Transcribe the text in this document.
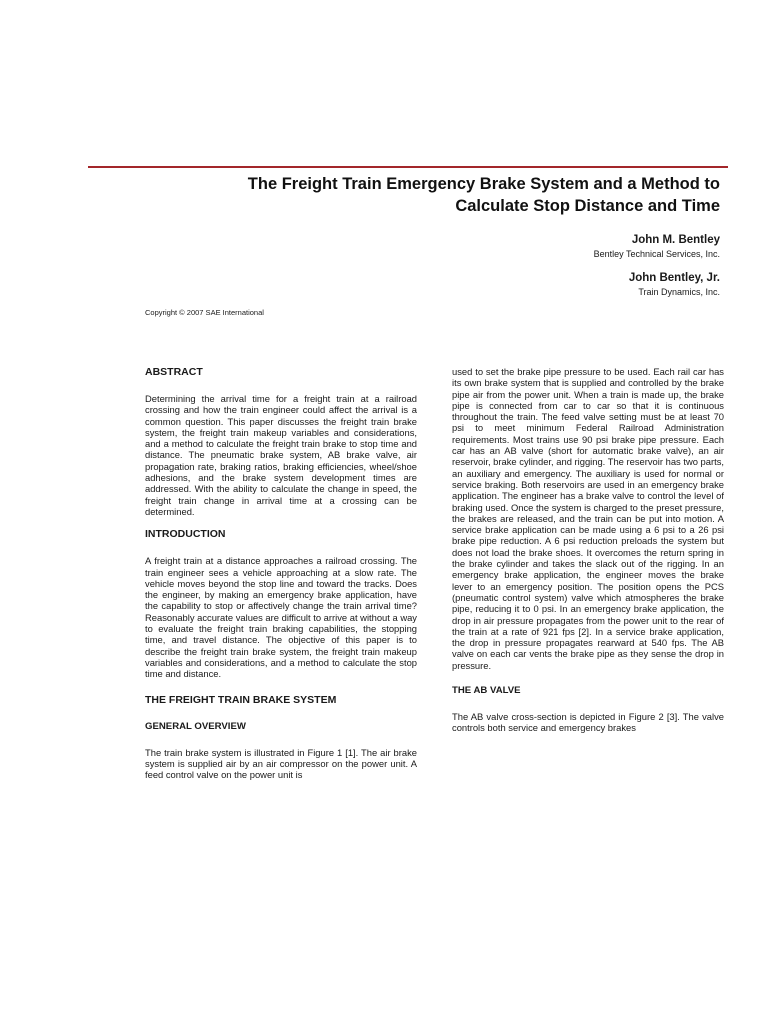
The Freight Train Emergency Brake System and a Method to
Calculate Stop Distance and Time
John M. Bentley
Bentley Technical Services, Inc.
John Bentley, Jr.
Train Dynamics, Inc.

Copyright © 2007 SAE International

ABSTRACT

Determining the arrival time for a freight train at a railroad crossing and how the train engineer could affect the arrival is a common question. This paper discusses the freight train brake system, the freight train makeup variables and considerations, and a method to calculate the freight train brake to stop time and distance. The pneumatic brake system, AB brake valve, air propagation rate, braking ratios, braking efficiencies, wheel/shoe adhesions, and the brake system development times are addressed. With the ability to calculate the change in speed, the freight train change in arrival time at a crossing can be determined.

INTRODUCTION

A freight train at a distance approaches a railroad crossing. The train engineer sees a vehicle approaching at a slow rate. The vehicle moves beyond the stop line and toward the tracks. Does the engineer, by making an emergency brake application, have the capability to stop or affectively change the train arrival time? Reasonably accurate values are difficult to arrive at without a way to evaluate the freight train braking capabilities, the stopping time, and travel distance. The objective of this paper is to describe the freight train brake system, the freight train makeup variables and considerations, and a method to calculate the stop time and distance.

THE FREIGHT TRAIN BRAKE SYSTEM
GENERAL OVERVIEW

The train brake system is illustrated in Figure 1 [1]. The air brake system is supplied air by an air compressor on the power unit. A feed control valve on the power unit is

used to set the brake pipe pressure to be used. Each rail car has its own brake system that is supplied and controlled by the brake pipe air from the power unit. When a train is made up, the brake pipe is connected from car to car so that it is continuous throughout the train. The feed valve setting must be at least 70 psi to meet minimum Federal Railroad Administration requirements. Most trains use 90 psi brake pipe pressure. Each car has an AB valve (short for automatic brake valve), an air reservoir, brake cylinder, and rigging. The reservoir has two parts, an auxiliary and emergency. The auxiliary is used for normal or service braking. Both reservoirs are used in an emergency brake application. The engineer has a brake valve to control the level of braking used. Once the system is charged to the preset pressure, the brakes are released, and the train can be put into motion. A service brake application can be made using a 6 psi to a 26 psi brake pipe reduction. A 6 psi reduction preloads the system but does not load the brake shoes. It overcomes the return spring in the brake cylinder and takes the slack out of the rigging. In an emergency brake application, the engineer moves the brake lever to an emergency position. The position opens the PCS (pneumatic control system) valve which atmospheres the brake pipe, reducing it to 0 psi. In an emergency brake application, the drop in air pressure propagates from the power unit to the rear of the train at a rate of 921 fps [2]. In a service brake application, the drop in pressure propagates rearward at 540 fps. The AB valve on each car vents the brake pipe as they sense the drop in pressure.

THE AB VALVE

The AB valve cross-section is depicted in Figure 2 [3]. The valve controls both service and emergency brakes
